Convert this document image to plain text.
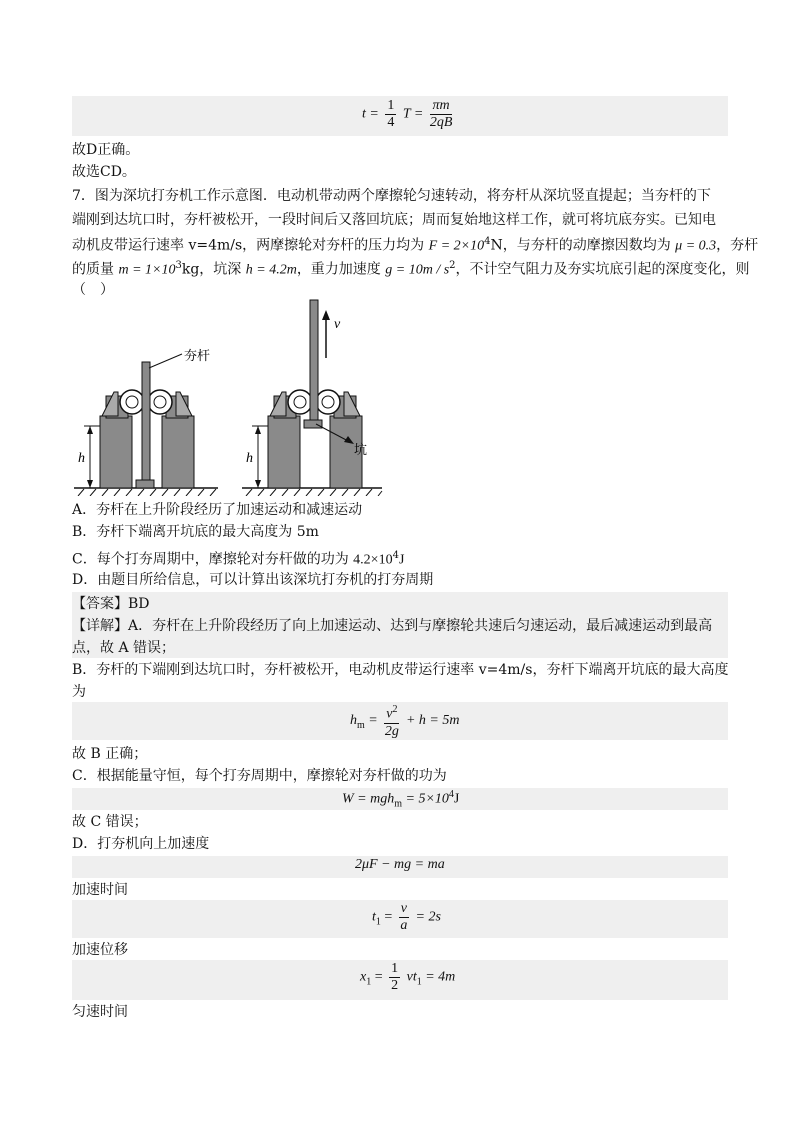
$t = \frac{1}{4}$ $T = \frac{\pi m}{2qB}$
故D正确。
故选CD。
7．图为深坑打夯机工作示意图．电动机带动两个摩擦轮匀速转动，将夯杆从深坑竖直提起；当夯杆的下
端刚到达坑口时，夯杆被松开，一段时间后又落回坑底；周而复始地这样工作，就可将坑底夯实。已知电
动机皮带运行速率 v=4m/s，两摩擦轮对夯杆的压力均为 $F = 2\times 10^4N$，与夯杆的动摩擦因数均为 μ = 0.3，夯杆
的质量 $m = 1\times 10^3kg$，坑深 h = 4.2m，重力加速度 $g = 10m / s^2$，不计空气阻力及夯实坑底引起的深度变化，则
（　）
夯杆
h
v
坑
h
A．夯杆在上升阶段经历了加速运动和减速运动
B．夯杆下端离开坑底的最大高度为 5m
C．每个打夯周期中，摩擦轮对夯杆做的功为 $4.2\times 10^4J$
D．由题目所给信息，可以计算出该深坑打夯机的打夯周期
【答案】BD
【详解】A．夯杆在上升阶段经历了向上加速运动、达到与摩擦轮共速后匀速运动，最后减速运动到最高
点，故 A 错误；
B．夯杆的下端刚到达坑口时，夯杆被松开，电动机皮带运行速率 v=4m/s，夯杆下端离开坑底的最大高度
为
$h_m = \frac{v^2}{2g} + h = 5m$
故 B 正确；
C．根据能量守恒，每个打夯周期中，摩擦轮对夯杆做的功为
$W = mgh_m = 5\times 10^4J$
故 C 错误；
D．打夯机向上加速度
2μF − mg = ma
加速时间
$t_1 = \frac{v}{a} = 2s$
加速位移
$x_1 = \frac{1}{2} vt_1 = 4m$
匀速时间
